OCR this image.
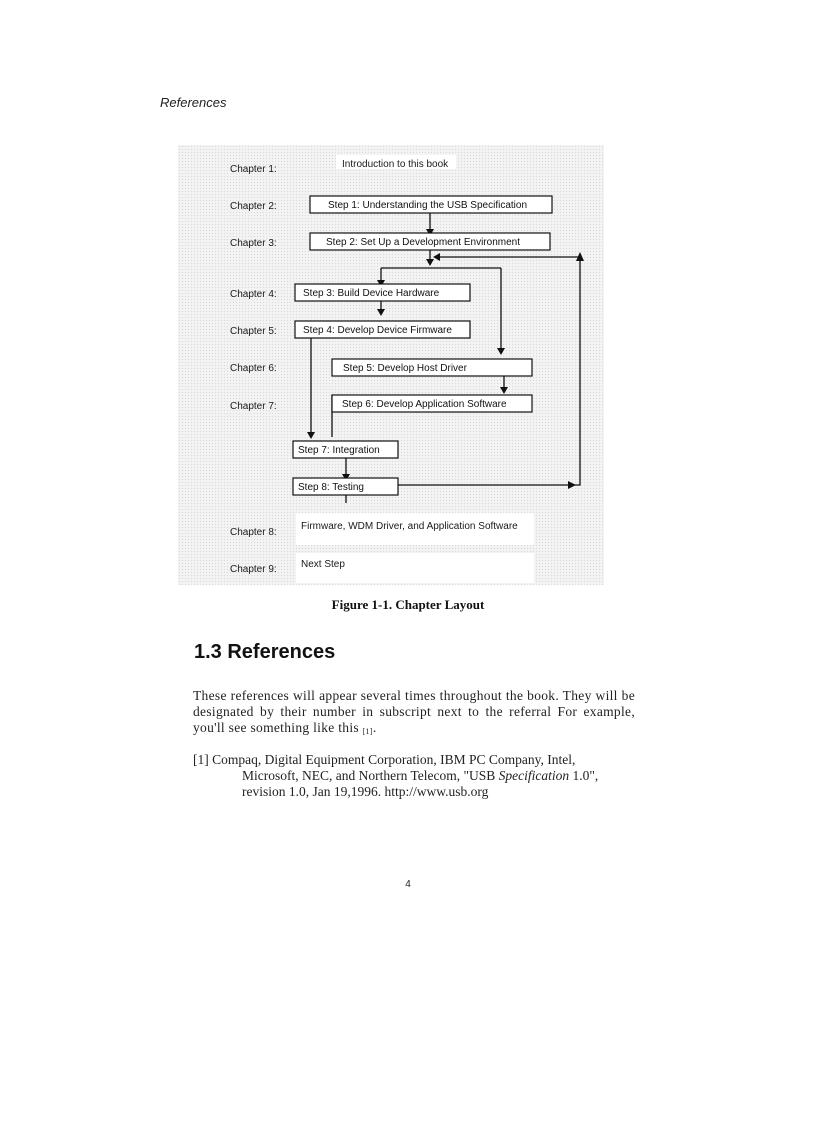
References
Chapter 1:
Chapter 2:
Chapter 3:
Chapter 4:
Chapter 5:
Chapter 6:
Chapter 7:
Chapter 8:
Chapter 9:
Introduction to this book
Firmware, WDM Driver, and Application Software
Next Step
Step 1: Understanding the USB Specification
Step 2: Set Up a Development Environment
Step 3: Build Device Hardware
Step 4: Develop Device Firmware
Step 5: Develop Host Driver
Step 6: Develop Application Software
Step 7: Integration
Step 8: Testing
Figure 1-1. Chapter Layout
1.3 References

These references will appear several times throughout the book. They will be designated by their number in subscript next to the referral For example, you'll see something like this $_{[1]}$.

[1] Compaq, Digital Equipment Corporation, IBM PC Company, Intel,
Microsoft, NEC, and Northern Telecom, "USB Specification 1.0",
revision 1.0, Jan 19,1996. http://www.usb.org
4
